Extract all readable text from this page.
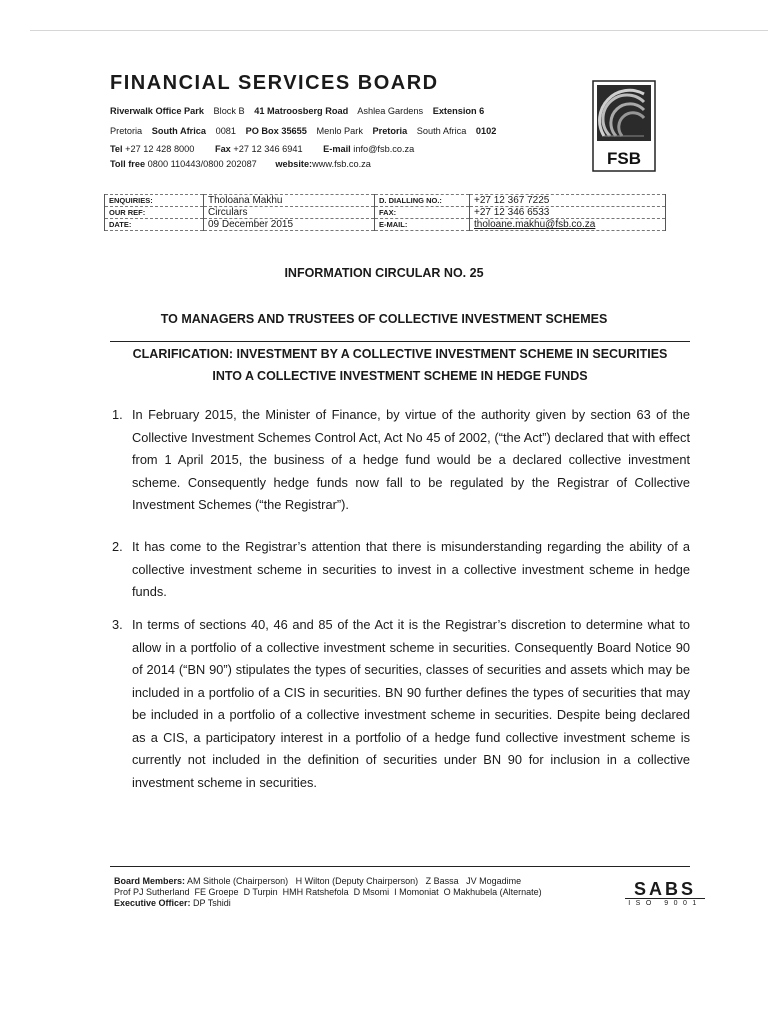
FINANCIAL SERVICES BOARD
Riverwalk Office Park Block B 41 Matroosberg Road Ashlea Gardens Extension 6
Pretoria South Africa 0081 PO Box 35655 Menlo Park Pretoria South Africa 0102
Tel +27 12 428 8000 Fax +27 12 346 6941 E-mail info@fsb.co.za
Toll free 0800 110443/0800 202087 website:www.fsb.co.za	FSB
ENQUIRIES:	Tholoana Makhu	D. DIALLING NO.:	+27 12 367 7225
OUR REF:	Circulars	FAX:	+27 12 346 6533
DATE:	09 December 2015	E-MAIL:	tholoane.makhu@fsb.co.za
INFORMATION CIRCULAR NO. 25
TO MANAGERS AND TRUSTEES OF COLLECTIVE INVESTMENT SCHEMES
CLARIFICATION: INVESTMENT BY A COLLECTIVE INVESTMENT SCHEME IN SECURITIES
INTO A COLLECTIVE INVESTMENT SCHEME IN HEDGE FUNDS
1. In February 2015, the Minister of Finance, by virtue of the authority given by section 63 of the Collective Investment Schemes Control Act, Act No 45 of 2002, (“the Act”) declared that with effect from 1 April 2015, the business of a hedge fund would be a declared collective investment scheme. Consequently hedge funds now fall to be regulated by the Registrar of Collective Investment Schemes (“the Registrar”).
2. It has come to the Registrar’s attention that there is misunderstanding regarding the ability of a collective investment scheme in securities to invest in a collective investment scheme in hedge funds.
3. In terms of sections 40, 46 and 85 of the Act it is the Registrar’s discretion to determine what to allow in a portfolio of a collective investment scheme in securities. Consequently Board Notice 90 of 2014 (“BN 90”) stipulates the types of securities, classes of securities and assets which may be included in a portfolio of a CIS in securities. BN 90 further defines the types of securities that may be included in a portfolio of a collective investment scheme in securities. Despite being declared as a CIS, a participatory interest in a portfolio of a hedge fund collective investment scheme is currently not included in the definition of securities under BN 90 for inclusion in a collective investment scheme in securities.
Board Members: AM Sithole (Chairperson)   H Wilton (Deputy Chairperson)   Z Bassa   JV Mogadime
Prof PJ Sutherland  FE Groepe  D Turpin  HMH Ratshefola  D Msomi  I Momoniat  O Makhubela (Alternate)
Executive Officer: DP Tshidi
SABS
ISO 9001
